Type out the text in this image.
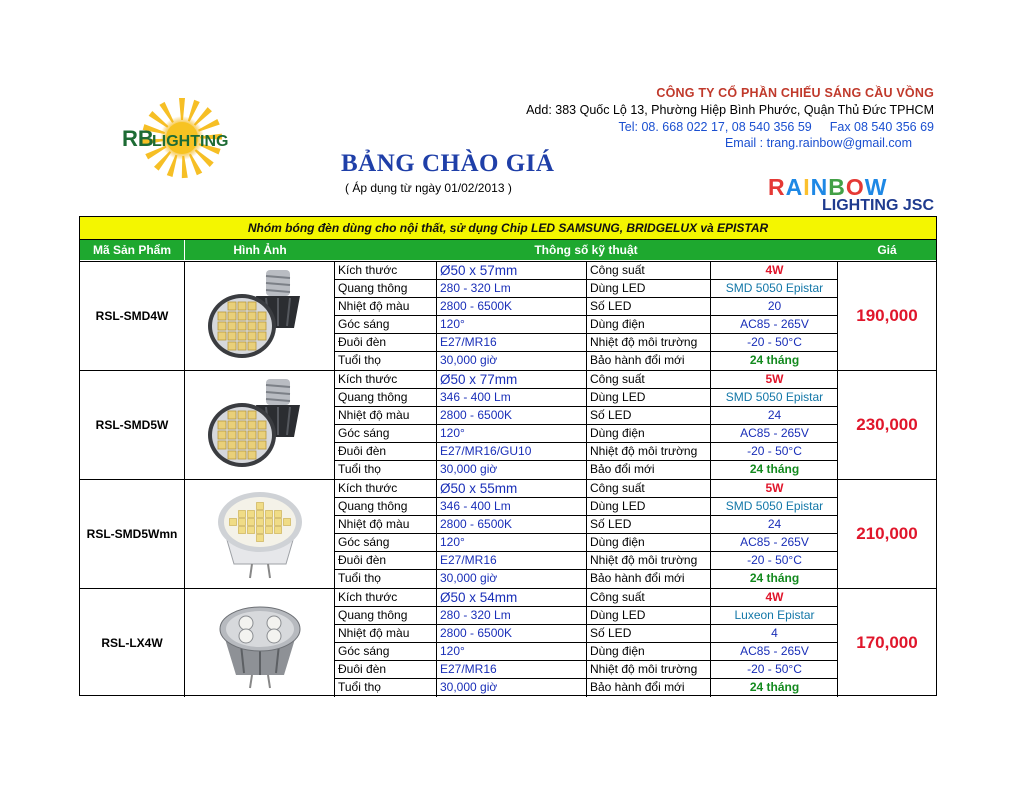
CÔNG TY CỔ PHẦN CHIẾU SÁNG CẦU VỒNG
Add: 383 Quốc Lộ 13, Phường Hiệp Bình Phước, Quận Thủ Đức TPHCM
Tel: 08. 668 022 17, 08 540 356 59 Fax 08 540 356 69
Email : trang.rainbow@gmail.com
RB
LIGHTING
BẢNG CHÀO GIÁ
( Áp dụng từ ngày 01/02/2013 )	RAINBOW
LIGHTING JSC
Nhóm bóng đèn dùng cho nội thất, sử dụng Chip LED SAMSUNG, BRIDGELUX và EPISTAR
Mã Sản Phẩm	Hình Ảnh	Thông số kỹ thuật	Giá
RSL-SMD4W
Kích thước	Ø50 x 57mm	Công suất	4W
Quang thông	280 - 320 Lm	Dùng LED	SMD 5050 Epistar
Nhiệt độ màu	2800 - 6500K	Số LED	20
Góc sáng	120°	Dùng điện	AC85 - 265V
Đuôi đèn	E27/MR16	Nhiệt độ môi trường	-20 - 50°C
Tuổi thọ	30,000 giờ	Bảo hành đổi mới	24 tháng
190,000
RSL-SMD5W
Kích thước	Ø50 x 77mm	Công suất	5W
Quang thông	346 - 400 Lm	Dùng LED	SMD 5050 Epistar
Nhiệt độ màu	2800 - 6500K	Số LED	24
Góc sáng	120°	Dùng điện	AC85 - 265V
Đuôi đèn	E27/MR16/GU10	Nhiệt độ môi trường	-20 - 50°C
Tuổi thọ	30,000 giờ	Bảo đổi mới	24 tháng
230,000
RSL-SMD5Wmn
Kích thước	Ø50 x 55mm	Công suất	5W
Quang thông	346 - 400 Lm	Dùng LED	SMD 5050 Epistar
Nhiệt độ màu	2800 - 6500K	Số LED	24
Góc sáng	120°	Dùng điện	AC85 - 265V
Đuôi đèn	E27/MR16	Nhiệt độ môi trường	-20 - 50°C
Tuổi thọ	30,000 giờ	Bảo hành đổi mới	24 tháng
210,000
RSL-LX4W
Kích thước	Ø50 x 54mm	Công suất	4W
Quang thông	280 - 320 Lm	Dùng LED	Luxeon Epistar
Nhiệt độ màu	2800 - 6500K	Số LED	4
Góc sáng	120°	Dùng điện	AC85 - 265V
Đuôi đèn	E27/MR16	Nhiệt độ môi trường	-20 - 50°C
Tuổi thọ	30,000 giờ	Bảo hành đổi mới	24 tháng
170,000
